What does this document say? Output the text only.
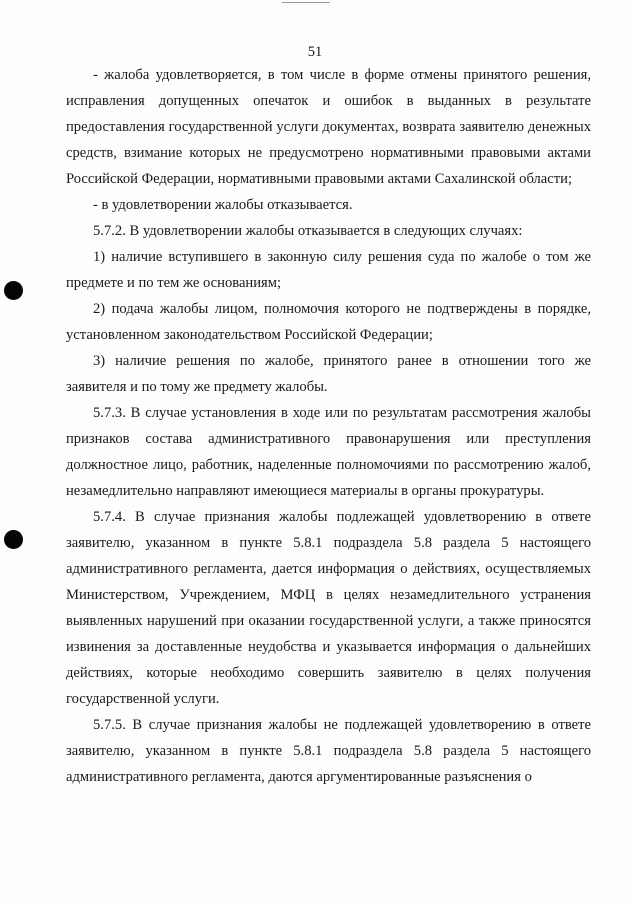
51

- жалоба удовлетворяется, в том числе в форме отмены принятого решения, исправления допущенных опечаток и ошибок в выданных в результате предоставления государственной услуги документах, возврата заявителю денежных средств, взимание которых не предусмотрено нормативными правовыми актами Российской Федерации, нормативными правовыми актами Сахалинской области;

- в удовлетворении жалобы отказывается.

5.7.2. В удовлетворении жалобы отказывается в следующих случаях:

1) наличие вступившего в законную силу решения суда по жалобе о том же предмете и по тем же основаниям;

2) подача жалобы лицом, полномочия которого не подтверждены в порядке, установленном законодательством Российской Федерации;

3) наличие решения по жалобе, принятого ранее в отношении того же заявителя и по тому же предмету жалобы.

5.7.3. В случае установления в ходе или по результатам рассмотрения жалобы признаков состава административного правонарушения или преступления должностное лицо, работник, наделенные полномочиями по рассмотрению жалоб, незамедлительно направляют имеющиеся материалы в органы прокуратуры.

5.7.4. В случае признания жалобы подлежащей удовлетворению в ответе заявителю, указанном в пункте 5.8.1 подраздела 5.8 раздела 5 настоящего административного регламента, дается информация о действиях, осуществляемых Министерством, Учреждением, МФЦ в целях незамедлительного устранения выявленных нарушений при оказании государственной услуги, а также приносятся извинения за доставленные неудобства и указывается информация о дальнейших действиях, которые необходимо совершить заявителю в целях получения государственной услуги.

5.7.5. В случае признания жалобы не подлежащей удовлетворению в ответе заявителю, указанном в пункте 5.8.1 подраздела 5.8 раздела 5 настоящего административного регламента, даются аргументированные разъяснения о
